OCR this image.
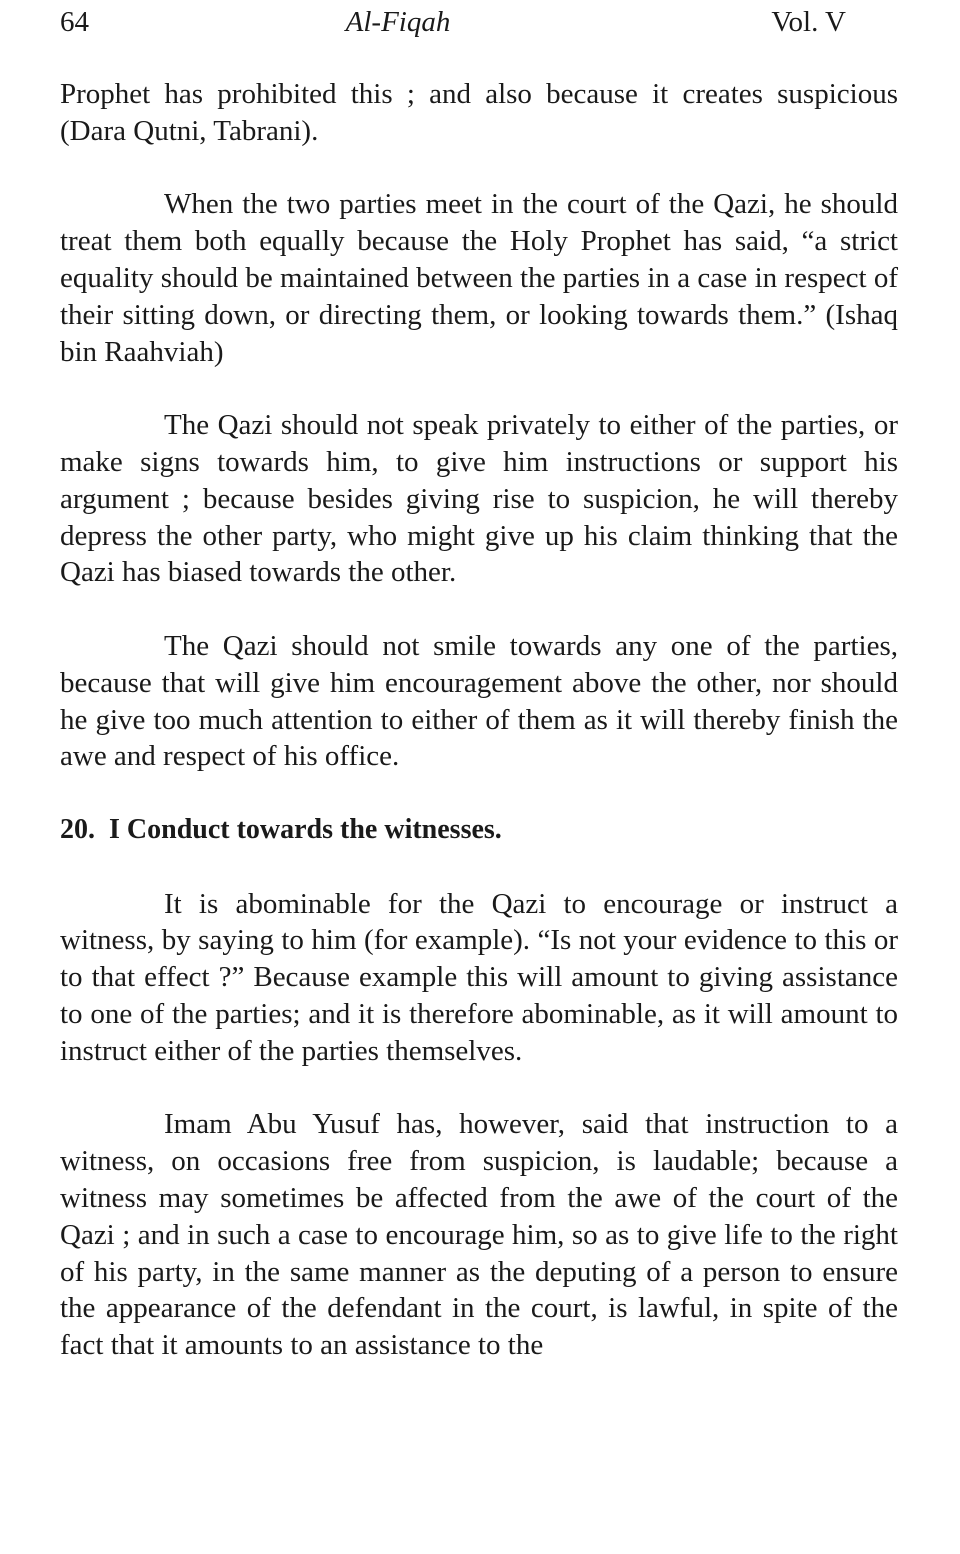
64	Al-Fiqah	Vol. V

Prophet has prohibited this ; and also because it creates suspicious (Dara Qutni, Tabrani).

When the two parties meet in the court of the Qazi, he should treat them both equally because the Holy Prophet has said, “a strict equality should be maintained between the parties in a case in respect of their sitting down, or directing them, or looking towards them.” (Ishaq bin Raahviah)

The Qazi should not speak privately to either of the parties, or make signs towards him, to give him instructions or support his argument ; because besides giving rise to suspicion, he will thereby depress the other party, who might give up his claim thinking that the Qazi has biased towards the other.

The Qazi should not smile towards any one of the parties, because that will give him encouragement above the other, nor should he give too much attention to either of them as it will thereby finish the awe and respect of his office.

20. I Conduct towards the witnesses.

It is abominable for the Qazi to encourage or instruct a witness, by saying to him (for example). “Is not your evidence to this or to that effect ?” Because example this will amount to giving assistance to one of the parties; and it is therefore abominable, as it will amount to instruct either of the parties themselves.

Imam Abu Yusuf has, however, said that instruction to a witness, on occasions free from suspicion, is laudable; because a witness may sometimes be affected from the awe of the court of the Qazi ; and in such a case to encourage him, so as to give life to the right of his party, in the same manner as the deputing of a person to ensure the appearance of the defendant in the court, is lawful, in spite of the fact that it amounts to an assistance to the
